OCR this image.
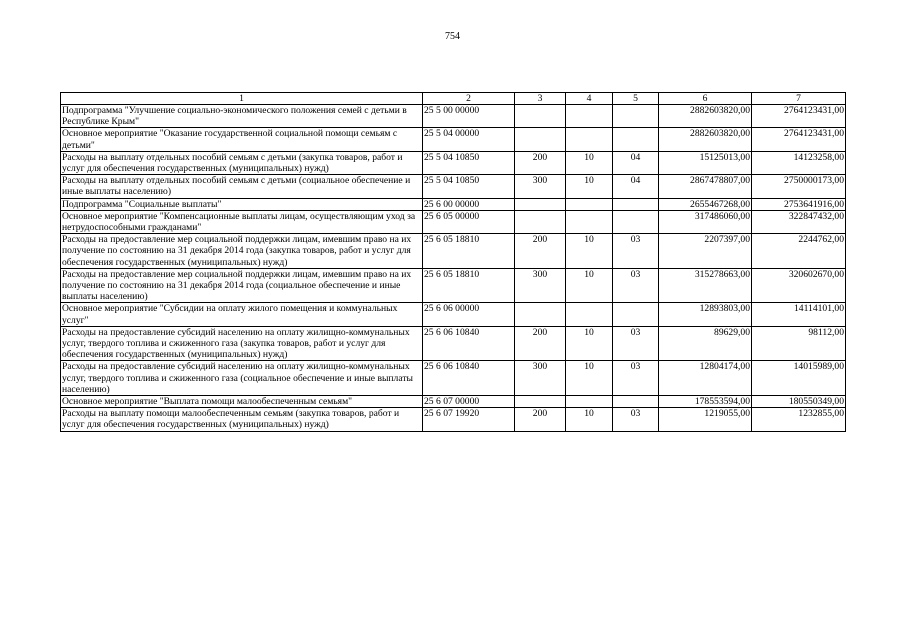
754
1	2	3	4	5	6	7
Подпрограмма "Улучшение социально-экономического положения семей с детьми в Республике Крым"	25 5 00 00000				2882603820,00	2764123431,00
Основное мероприятие "Оказание государственной социальной помощи семьям с детьми"	25 5 04 00000				2882603820,00	2764123431,00
Расходы на выплату отдельных пособий семьям с детьми (закупка товаров, работ и услуг для обеспечения государственных (муниципальных) нужд)	25 5 04 10850	200	10	04	15125013,00	14123258,00
Расходы на выплату отдельных пособий семьям с детьми (социальное обеспечение и иные выплаты населению)	25 5 04 10850	300	10	04	2867478807,00	2750000173,00
Подпрограмма "Социальные выплаты"	25 6 00 00000				2655467268,00	2753641916,00
Основное мероприятие "Компенсационные выплаты лицам, осуществляющим уход за нетрудоспособными гражданами"	25 6 05 00000				317486060,00	322847432,00
Расходы на предоставление мер социальной поддержки лицам, имевшим право на их получение по состоянию на 31 декабря 2014 года (закупка товаров, работ и услуг для обеспечения государственных (муниципальных) нужд)	25 6 05 18810	200	10	03	2207397,00	2244762,00
Расходы на предоставление мер социальной поддержки лицам, имевшим право на их получение по состоянию на 31 декабря 2014 года (социальное обеспечение и иные выплаты населению)	25 6 05 18810	300	10	03	315278663,00	320602670,00
Основное мероприятие "Субсидии на оплату жилого помещения и коммунальных услуг"	25 6 06 00000				12893803,00	14114101,00
Расходы на предоставление субсидий населению на оплату жилищно-коммунальных услуг, твердого топлива и сжиженного газа (закупка товаров, работ и услуг для обеспечения государственных (муниципальных) нужд)	25 6 06 10840	200	10	03	89629,00	98112,00
Расходы на предоставление субсидий населению на оплату жилищно-коммунальных услуг, твердого топлива и сжиженного газа (социальное обеспечение и иные выплаты населению)	25 6 06 10840	300	10	03	12804174,00	14015989,00
Основное мероприятие "Выплата помощи малообеспеченным семьям"	25 6 07 00000				178553594,00	180550349,00
Расходы на выплату помощи малообеспеченным семьям (закупка товаров, работ и услуг для обеспечения государственных (муниципальных) нужд)	25 6 07 19920	200	10	03	1219055,00	1232855,00
